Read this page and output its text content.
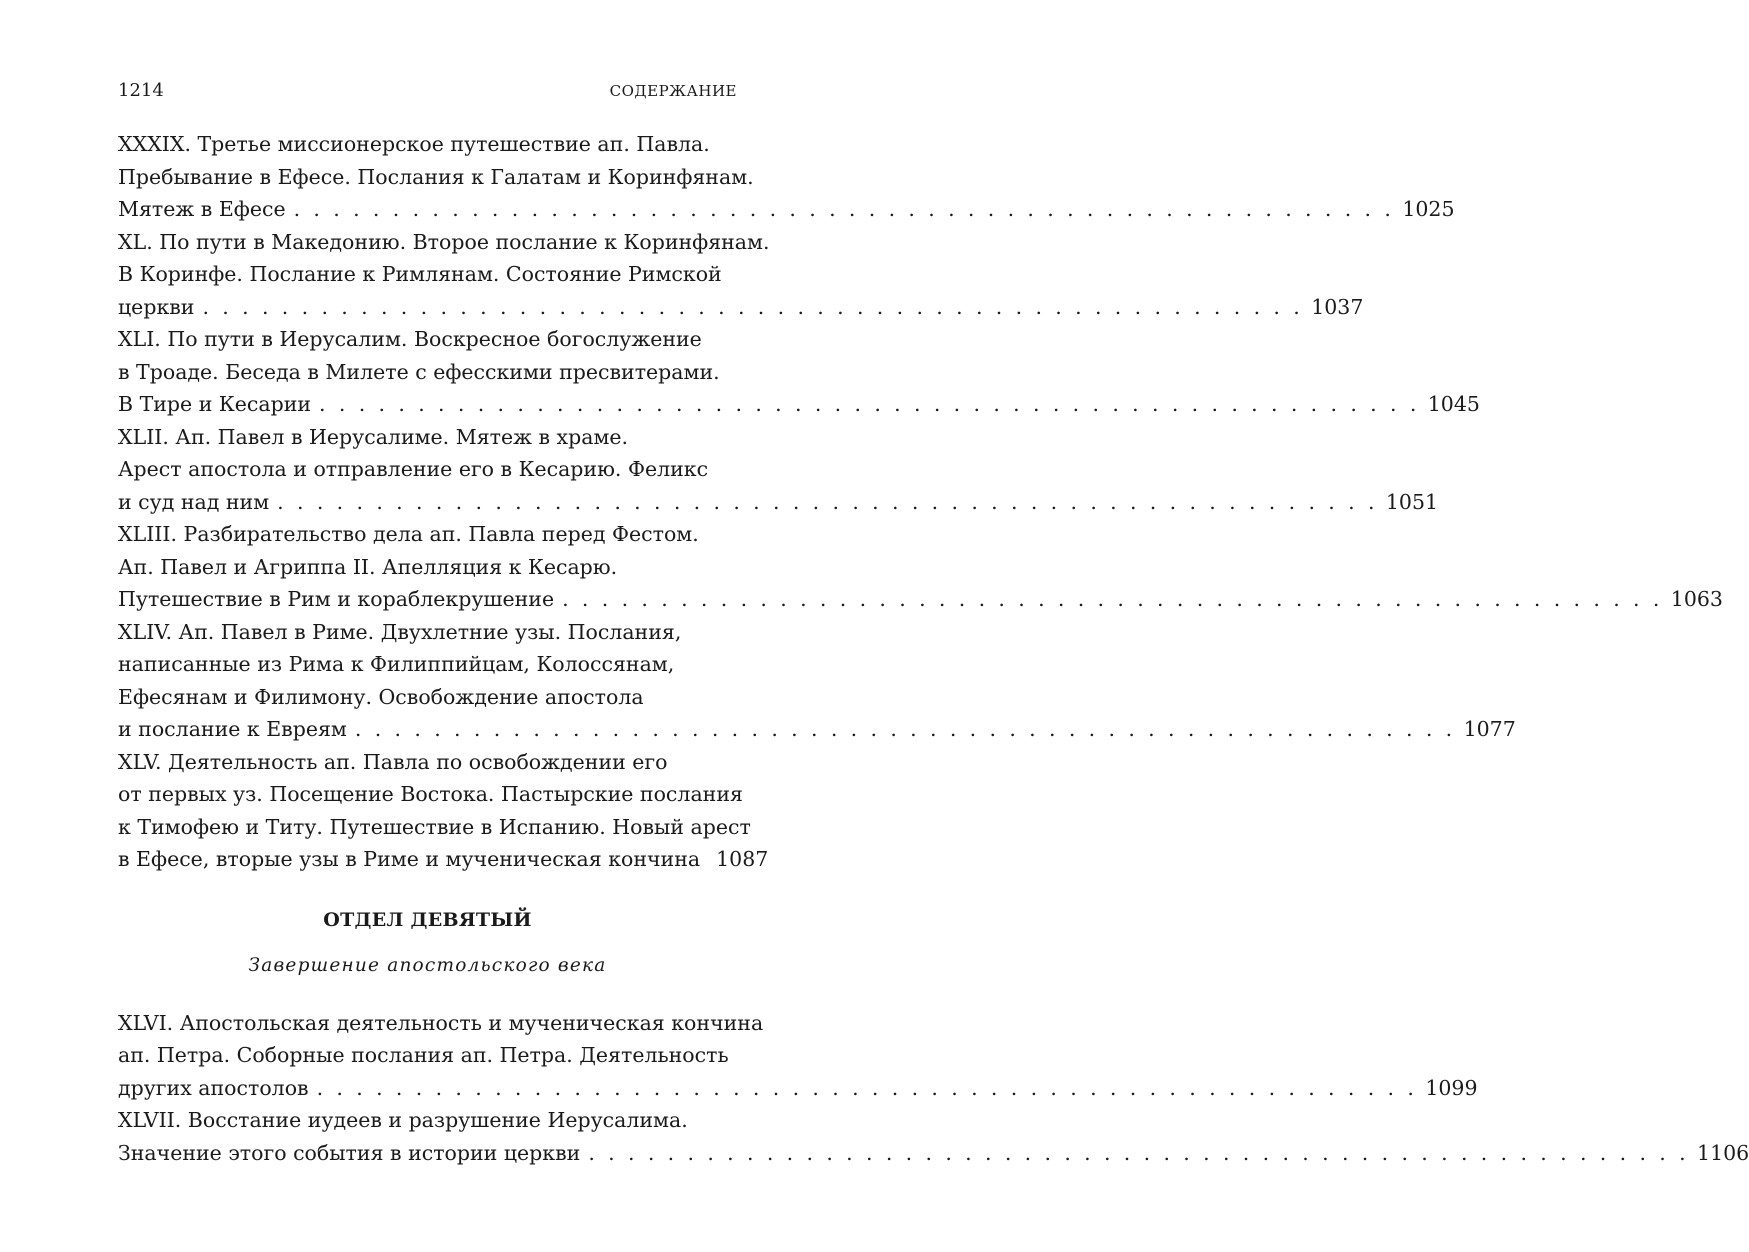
1214	СОДЕРЖАНИЕ
XXXIX. Третье миссионерское путешествие ап. Павла.
Пребывание в Ефесе. Послания к Галатам и Коринфянам.
Мятеж в Ефесе . . .	1025
XL. По пути в Македонию. Второе послание к Коринфянам.
В Коринфе. Послание к Римлянам. Состояние Римской
церкви . . .	1037
XLI. По пути в Иерусалим. Воскресное богослужение
в Троаде. Беседа в Милете с ефесскими пресвитерами.
В Тире и Кесарии . . .	1045
XLII. Ап. Павел в Иерусалиме. Мятеж в храме.
Арест апостола и отправление его в Кесарию. Феликс
и суд над ним . . .	1051
XLIII. Разбирательство дела ап. Павла перед Фестом.
Ап. Павел и Агриппа II. Апелляция к Кесарю.
Путешествие в Рим и кораблекрушение . . .	1063
XLIV. Ап. Павел в Риме. Двухлетние узы. Послания,
написанные из Рима к Филиппийцам, Колоссянам,
Ефесянам и Филимону. Освобождение апостола
и послание к Евреям . . .	1077
XLV. Деятельность ап. Павла по освобождении его
от первых уз. Посещение Востока. Пастырские послания
к Тимофею и Титу. Путешествие в Испанию. Новый арест
в Ефесе, вторые узы в Риме и мученическая кончина 1087
ОТДЕЛ ДЕВЯТЫЙ
Завершение апостольского века
XLVI. Апостольская деятельность и мученическая кончина
ап. Петра. Соборные послания ап. Петра. Деятельность
других апостолов . . .	1099
XLVII. Восстание иудеев и разрушение Иерусалима.
Значение этого события в истории церкви . . .	1106
